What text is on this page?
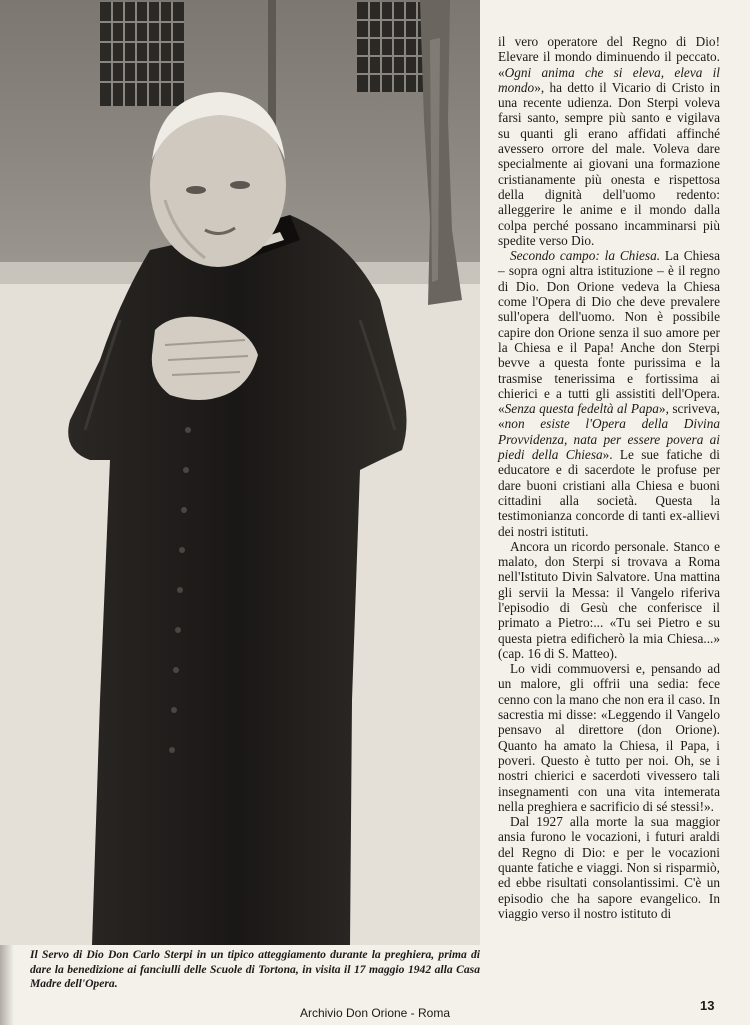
Il Servo di Dio Don Carlo Sterpi in un tipico atteggiamento durante la preghiera, prima di dare la benedizione ai fanciulli delle Scuole di Tortona, in visita il 17 maggio 1942 alla Casa Madre dell'Opera.

il vero operatore del Regno di Dio! Elevare il mondo diminuendo il peccato. «Ogni anima che si eleva, eleva il mondo», ha detto il Vicario di Cristo in una recente udienza. Don Sterpi voleva farsi santo, sempre più santo e vigilava su quanti gli erano affidati affinché avessero orrore del male. Voleva dare specialmente ai giovani una formazione cristianamente più onesta e rispettosa della dignità dell'uomo redento: alleggerire le anime e il mondo dalla colpa perché possano incamminarsi più spedite verso Dio.

Secondo campo: la Chiesa. La Chiesa – sopra ogni altra istituzione – è il regno di Dio. Don Orione vedeva la Chiesa come l'Opera di Dio che deve prevalere sull'opera dell'uomo. Non è possibile capire don Orione senza il suo amore per la Chiesa e il Papa! Anche don Sterpi bevve a questa fonte purissima e la trasmise tenerissima e fortissima ai chierici e a tutti gli assistiti dell'Opera. «Senza questa fedeltà al Papa», scriveva, «non esiste l'Opera della Divina Provvidenza, nata per essere povera ai piedi della Chiesa». Le sue fatiche di educatore e di sacerdote le profuse per dare buoni cristiani alla Chiesa e buoni cittadini alla società. Questa la testimonianza concorde di tanti ex-allievi dei nostri istituti.

Ancora un ricordo personale. Stanco e malato, don Sterpi si trovava a Roma nell'Istituto Divin Salvatore. Una mattina gli servii la Messa: il Vangelo riferiva l'episodio di Gesù che conferisce il primato a Pietro:... «Tu sei Pietro e su questa pietra edificherò la mia Chiesa...» (cap. 16 di S. Matteo).

Lo vidi commuoversi e, pensando ad un malore, gli offrii una sedia: fece cenno con la mano che non era il caso. In sacrestia mi disse: «Leggendo il Vangelo pensavo al direttore (don Orione). Quanto ha amato la Chiesa, il Papa, i poveri. Questo è tutto per noi. Oh, se i nostri chierici e sacerdoti vivessero tali insegnamenti con una vita intemerata nella preghiera e sacrificio di sé stessi!».

Dal 1927 alla morte la sua maggior ansia furono le vocazioni, i futuri araldi del Regno di Dio: e per le vocazioni quante fatiche e viaggi. Non si risparmiò, ed ebbe risultati consolantissimi. C'è un episodio che ha sapore evangelico. In viaggio verso il nostro istituto di

13
Archivio Don Orione - Roma
